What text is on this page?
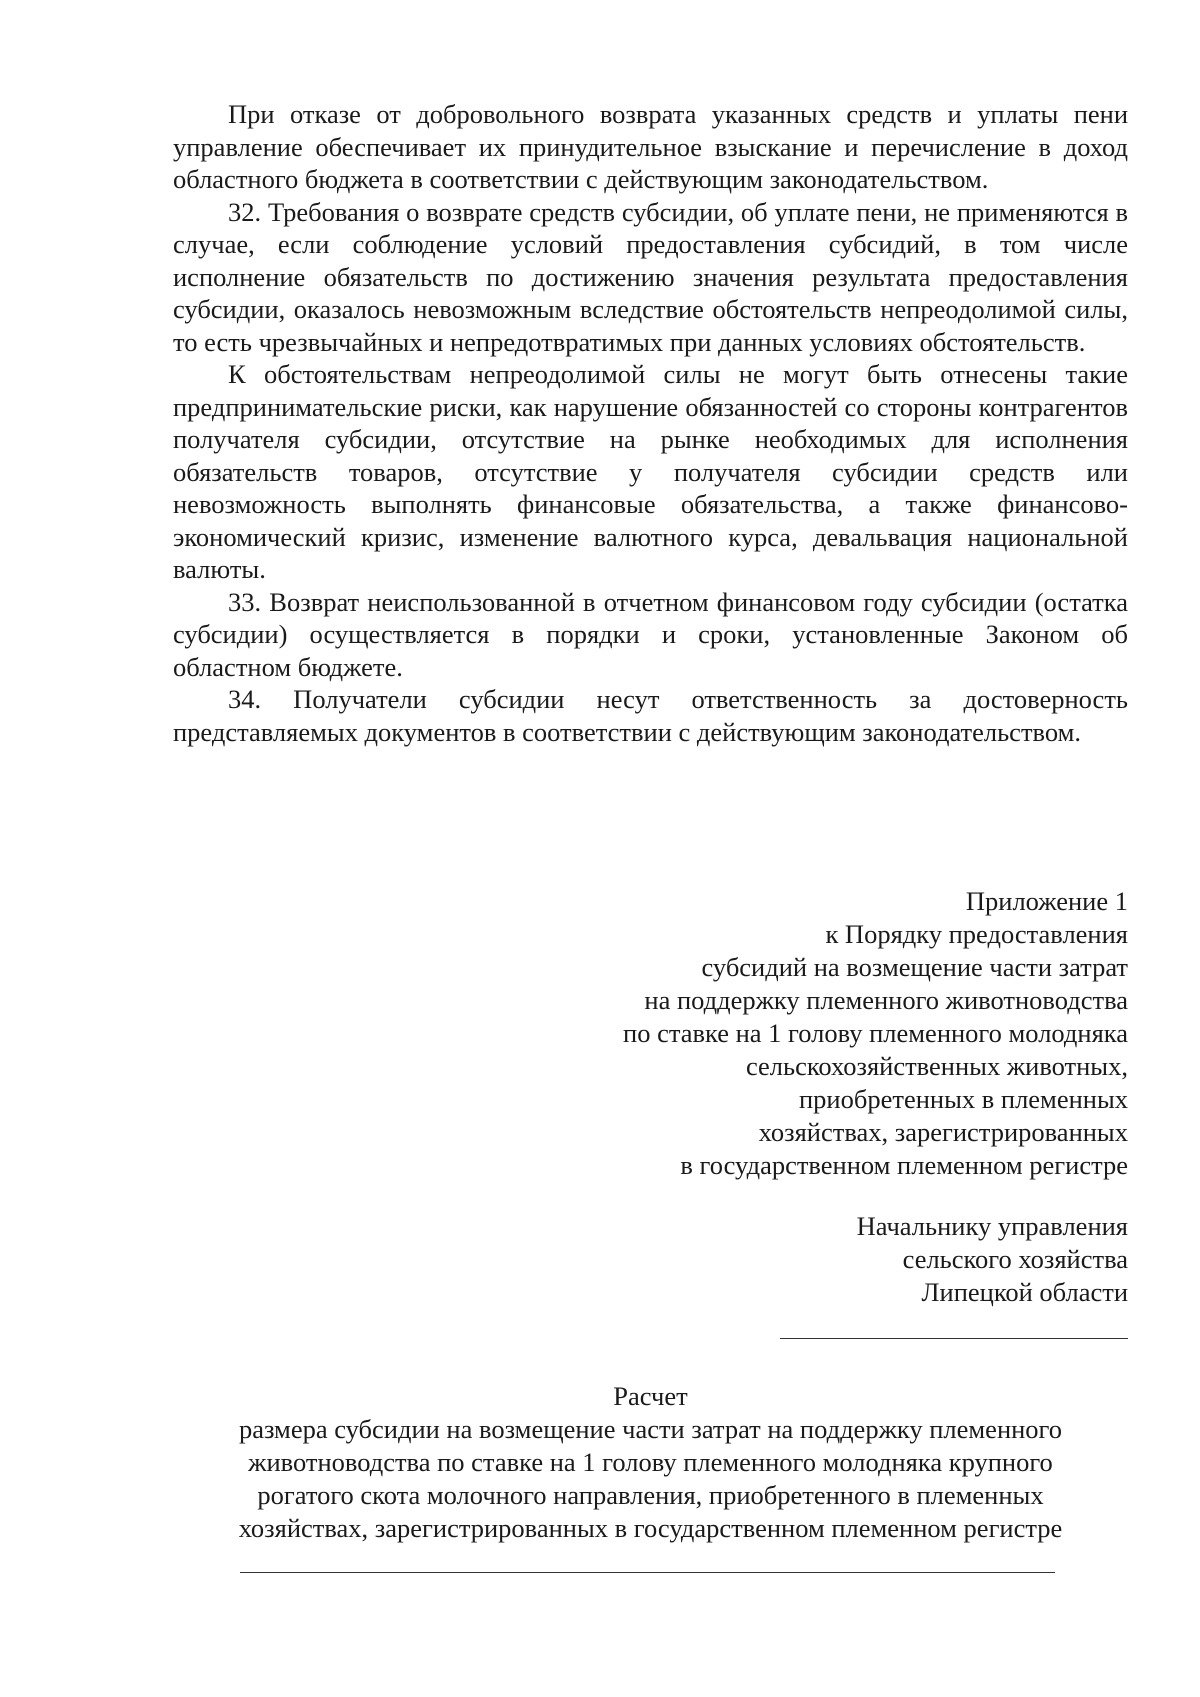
При отказе от добровольного возврата указанных средств и уплаты пени управление обеспечивает их принудительное взыскание и перечисление в доход областного бюджета в соответствии с действующим законодательством.

32. Требования о возврате средств субсидии, об уплате пени, не применяются в случае, если соблюдение условий предоставления субсидий, в том числе исполнение обязательств по достижению значения результата предоставления субсидии, оказалось невозможным вследствие обстоятельств непреодолимой силы, то есть чрезвычайных и непредотвратимых при данных условиях обстоятельств.

К обстоятельствам непреодолимой силы не могут быть отнесены такие предпринимательские риски, как нарушение обязанностей со стороны контрагентов получателя субсидии, отсутствие на рынке необходимых для исполнения обязательств товаров, отсутствие у получателя субсидии средств или невозможность выполнять финансовые обязательства, а также финансово-экономический кризис, изменение валютного курса, девальвация национальной валюты.

33. Возврат неиспользованной в отчетном финансовом году субсидии (остатка субсидии) осуществляется в порядки и сроки, установленные Законом об областном бюджете.

34. Получатели субсидии несут ответственность за достоверность представляемых документов в соответствии с действующим законодательством.

Приложение 1
к Порядку предоставления
субсидий на возмещение части затрат
на поддержку племенного животноводства
по ставке на 1 голову племенного молодняка
сельскохозяйственных животных,
приобретенных в племенных
хозяйствах, зарегистрированных
в государственном племенном регистре
Начальнику управления
сельского хозяйства
Липецкой области
Расчет
размера субсидии на возмещение части затрат на поддержку племенного
животноводства по ставке на 1 голову племенного молодняка крупного
рогатого скота молочного направления, приобретенного в племенных
хозяйствах, зарегистрированных в государственном племенном регистре
